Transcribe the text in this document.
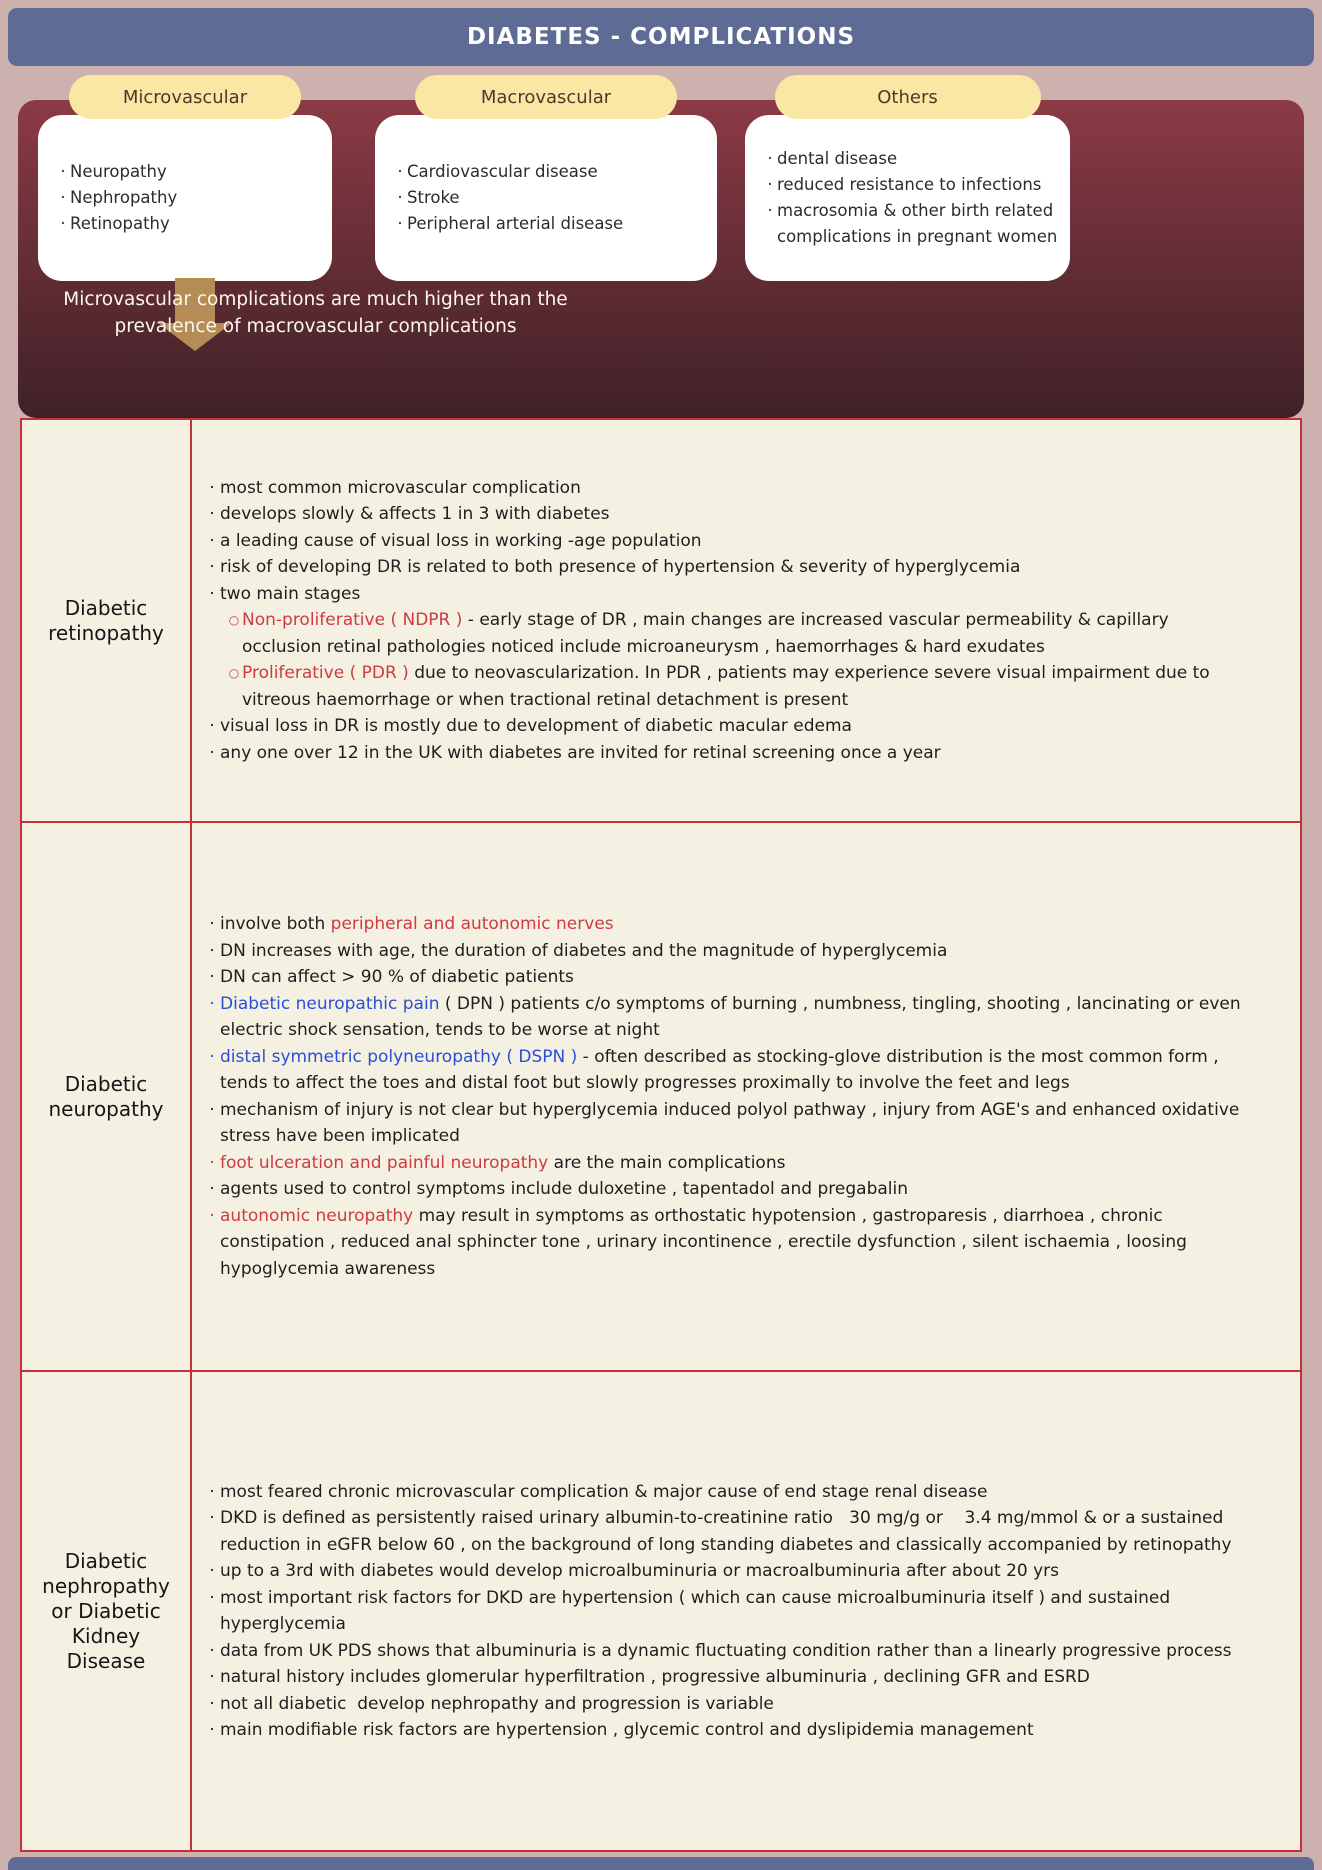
DIABETES - COMPLICATIONS
Microvascular
· Neuropathy
· Nephropathy
· Retinopathy
Macrovascular
· Cardiovascular disease
· Stroke
· Peripheral arterial disease
Others
· dental disease
· reduced resistance to infections
· macrosomia & other birth related complications in pregnant women

Microvascular complications are much higher than the
prevalence of macrovascular complications

Diabetic retinopathy
· most common microvascular complication
· develops slowly & affects 1 in 3 with diabetes
· a leading cause of visual loss in working -age population
· risk of developing DR is related to both presence of hypertension & severity of hyperglycemia
· two main stages
○ Non-proliferative ( NDPR ) - early stage of DR , main changes are increased vascular permeability & capillary occlusion retinal pathologies noticed include microaneurysm , haemorrhages & hard exudates
○ Proliferative ( PDR ) due to neovascularization. In PDR , patients may experience severe visual impairment due to vitreous haemorrhage or when tractional retinal detachment is present
· visual loss in DR is mostly due to development of diabetic macular edema
· any one over 12 in the UK with diabetes are invited for retinal screening once a year
Diabetic neuropathy
· involve both peripheral and autonomic nerves
· DN increases with age, the duration of diabetes and the magnitude of hyperglycemia
· DN can affect > 90 % of diabetic patients
· Diabetic neuropathic pain ( DPN ) patients c/o symptoms of burning , numbness, tingling, shooting , lancinating or even electric shock sensation, tends to be worse at night
· distal symmetric polyneuropathy ( DSPN ) - often described as stocking-glove distribution is the most common form , tends to affect the toes and distal foot but slowly progresses proximally to involve the feet and legs
· mechanism of injury is not clear but hyperglycemia induced polyol pathway , injury from AGE's and enhanced oxidative stress have been implicated
· foot ulceration and painful neuropathy are the main complications
· agents used to control symptoms include duloxetine , tapentadol and pregabalin
· autonomic neuropathy may result in symptoms as orthostatic hypotension , gastroparesis , diarrhoea , chronic constipation , reduced anal sphincter tone , urinary incontinence , erectile dysfunction , silent ischaemia , loosing hypoglycemia awareness
Diabetic nephropathy or Diabetic Kidney Disease
· most feared chronic microvascular complication & major cause of end stage renal disease
· DKD is defined as persistently raised urinary albumin-to-creatinine ratio   30 mg/g or    3.4 mg/mmol & or a sustained reduction in eGFR below 60 , on the background of long standing diabetes and classically accompanied by retinopathy
· up to a 3rd with diabetes would develop microalbuminuria or macroalbuminuria after about 20 yrs
· most important risk factors for DKD are hypertension ( which can cause microalbuminuria itself ) and sustained hyperglycemia
· data from UK PDS shows that albuminuria is a dynamic fluctuating condition rather than a linearly progressive process
· natural history includes glomerular hyperfiltration , progressive albuminuria , declining GFR and ESRD
· not all diabetic  develop nephropathy and progression is variable
· main modifiable risk factors are hypertension , glycemic control and dyslipidemia management
